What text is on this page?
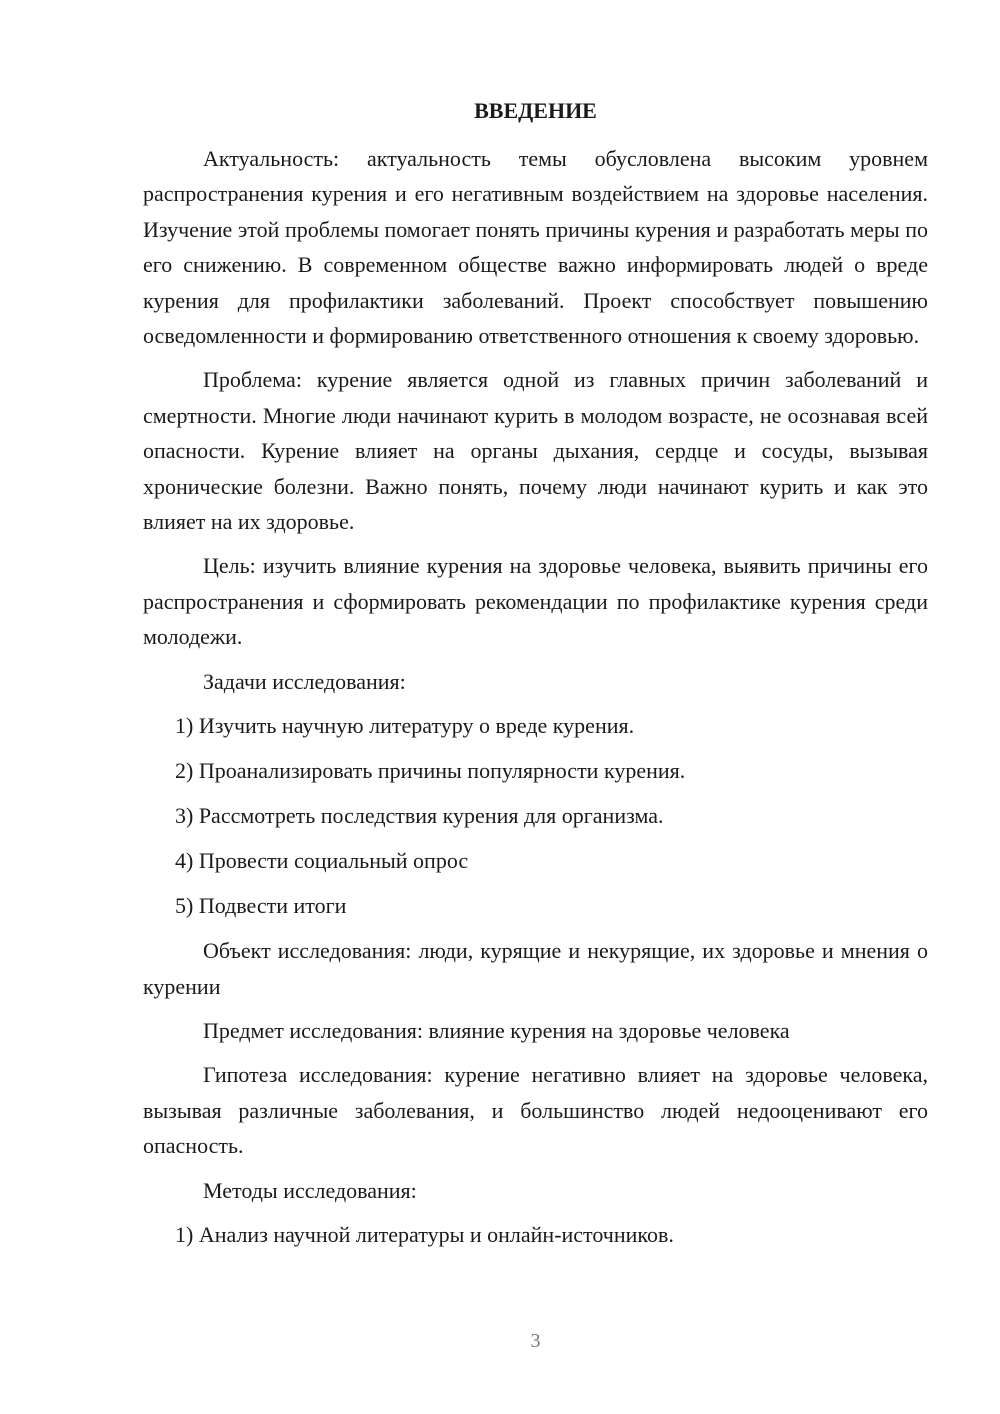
ВВЕДЕНИЕ

Актуальность: актуальность темы обусловлена высоким уровнем распространения курения и его негативным воздействием на здоровье населения. Изучение этой проблемы помогает понять причины курения и разработать меры по его снижению. В современном обществе важно информировать людей о вреде курения для профилактики заболеваний. Проект способствует повышению осведомленности и формированию ответственного отношения к своему здоровью.

Проблема: курение является одной из главных причин заболеваний и смертности. Многие люди начинают курить в молодом возрасте, не осознавая всей опасности. Курение влияет на органы дыхания, сердце и сосуды, вызывая хронические болезни. Важно понять, почему люди начинают курить и как это влияет на их здоровье.

Цель: изучить влияние курения на здоровье человека, выявить причины его распространения и сформировать рекомендации по профилактике курения среди молодежи.

Задачи исследования:

1) Изучить научную литературу о вреде курения.

2) Проанализировать причины популярности курения.

3) Рассмотреть последствия курения для организма.

4) Провести социальный опрос

5) Подвести итоги

Объект исследования: люди, курящие и некурящие, их здоровье и мнения о курении

Предмет исследования: влияние курения на здоровье человека

Гипотеза исследования: курение негативно влияет на здоровье человека, вызывая различные заболевания, и большинство людей недооценивают его опасность.

Методы исследования:

1) Анализ научной литературы и онлайн-источников.

3
